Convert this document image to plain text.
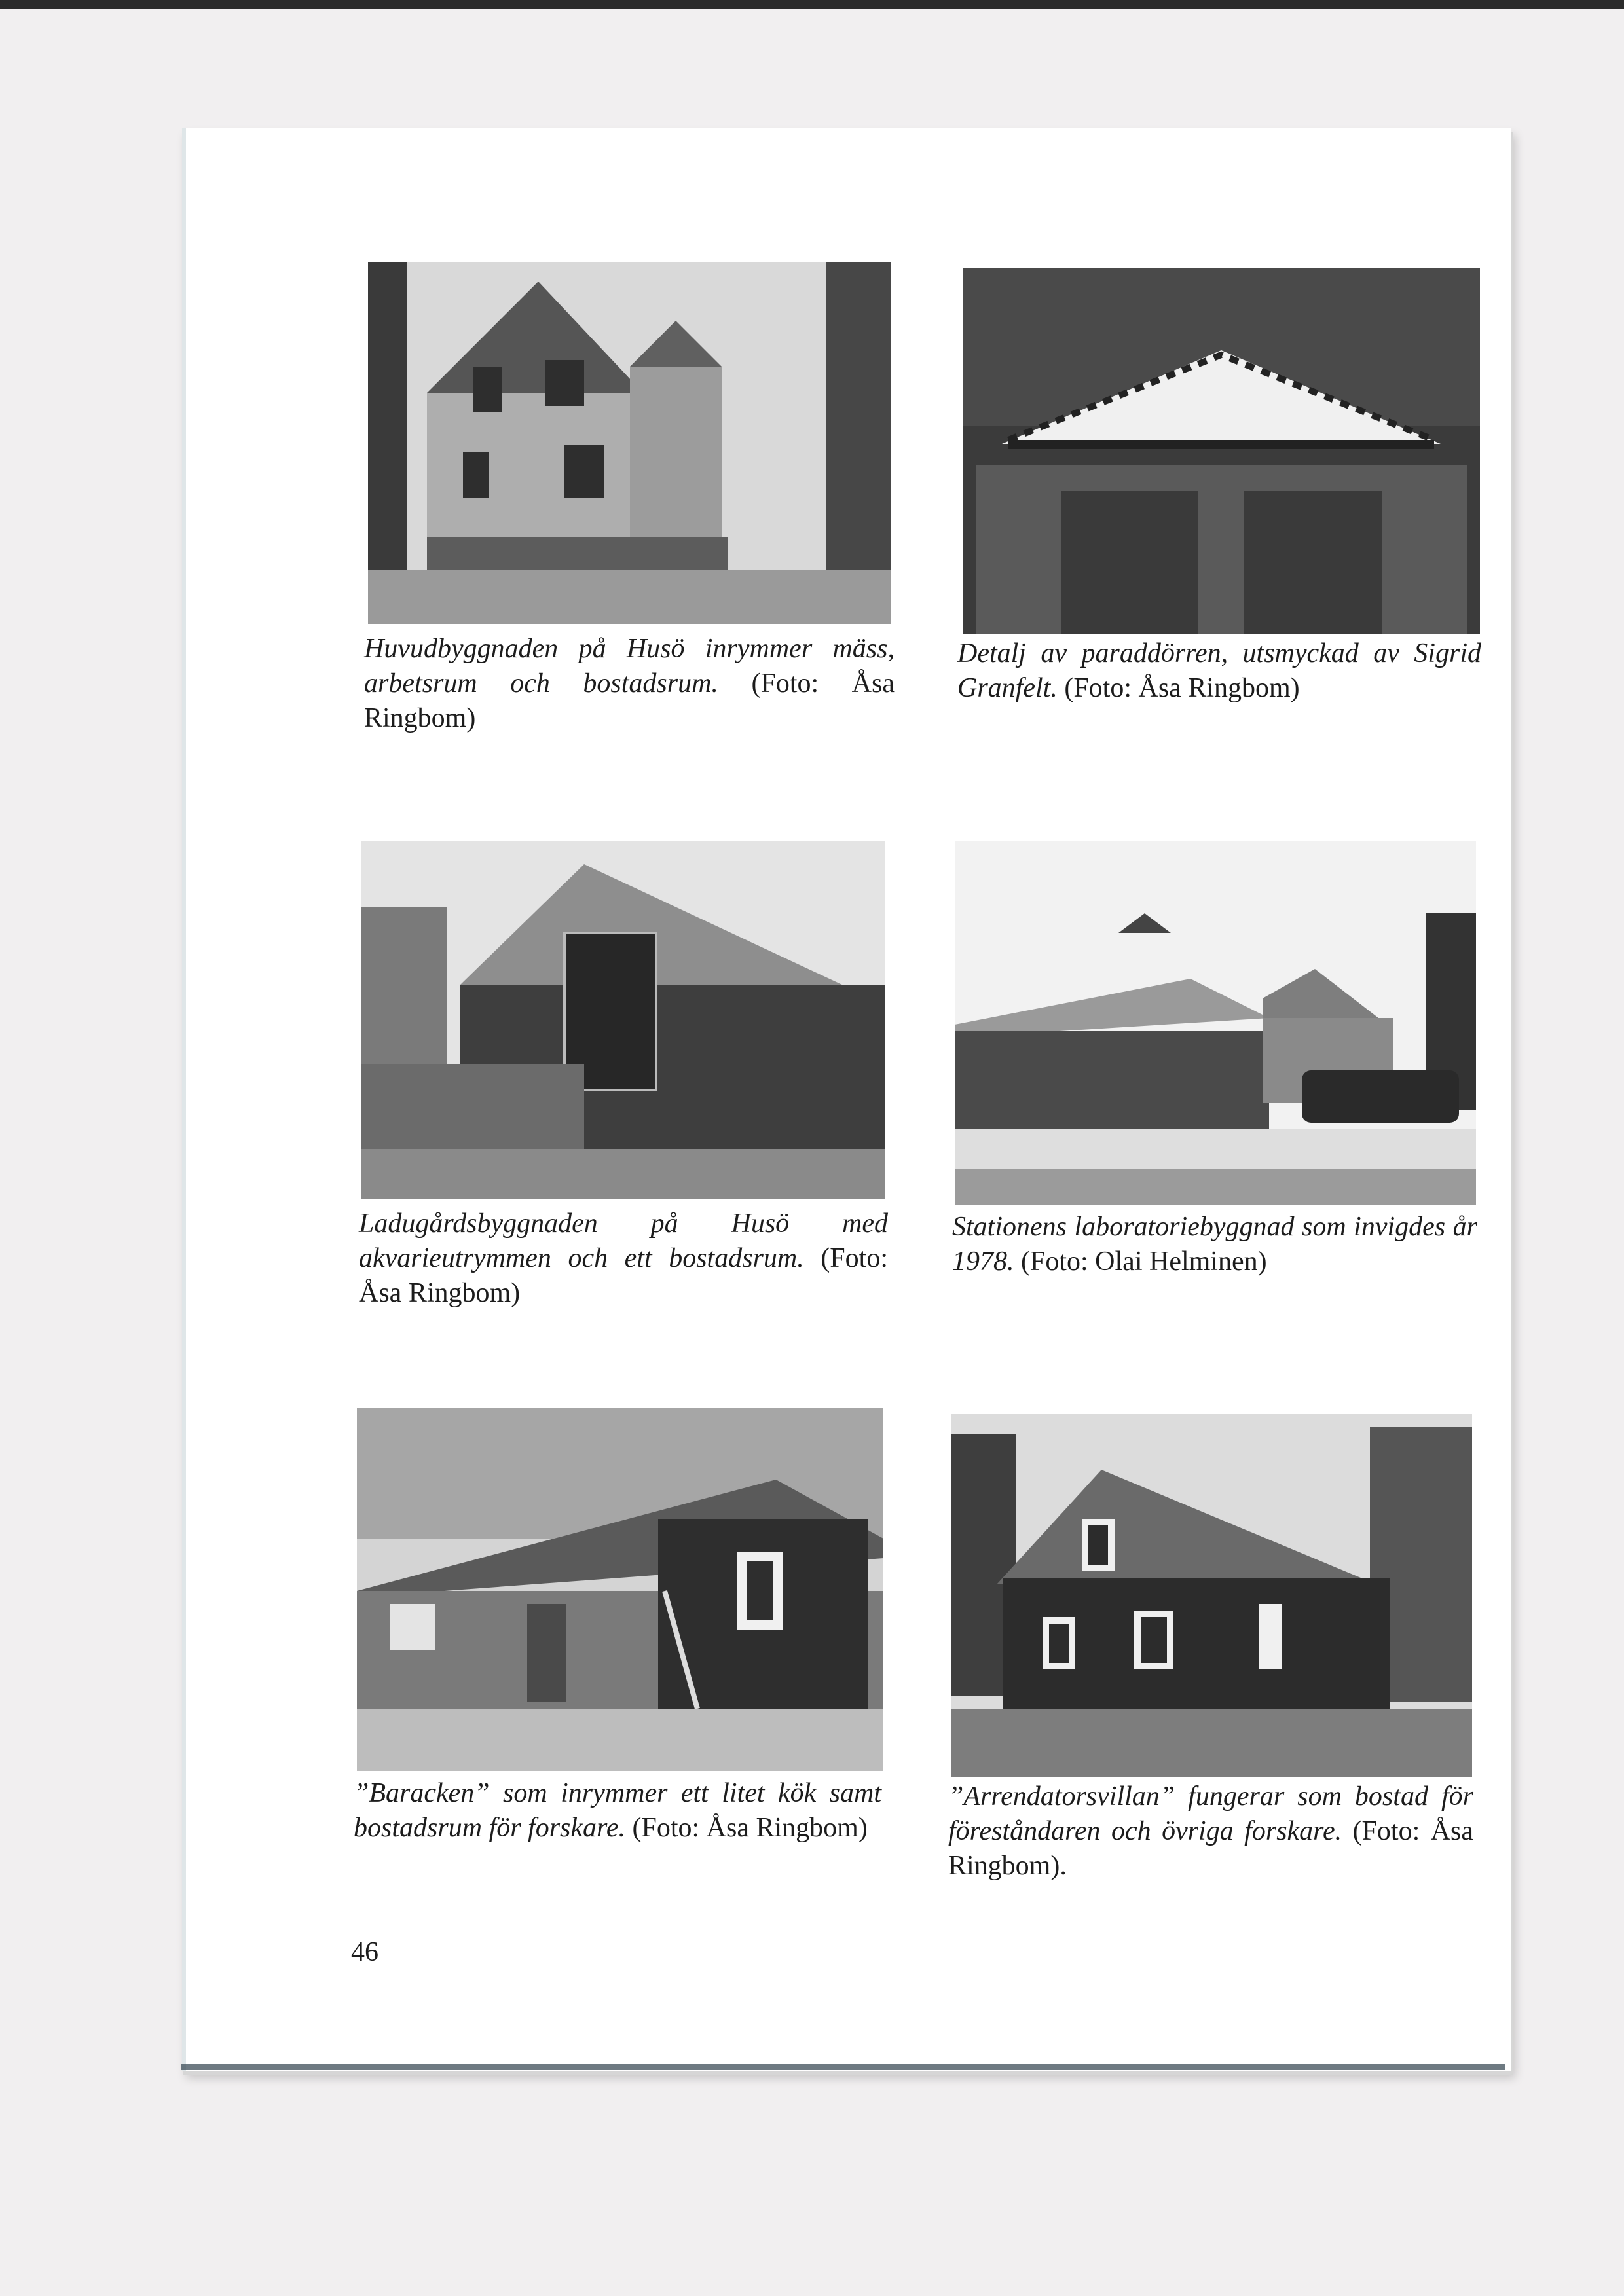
Huvudbyggnaden på Husö inrymmer mäss, arbetsrum och bostadsrum. (Foto: Åsa Ringbom)
Detalj av paraddörren, utsmyckad av Sigrid Granfelt. (Foto: Åsa Ringbom)
Ladugårdsbyggnaden på Husö med akvarieutrymmen och ett bostadsrum. (Foto: Åsa Ringbom)
Stationens laboratoriebyggnad som invigdes år 1978. (Foto: Olai Helminen)
”Baracken” som inrymmer ett litet kök samt bostadsrum för forskare. (Foto: Åsa Ringbom)
”Arrendatorsvillan” fungerar som bostad för föreståndaren och övriga forskare. (Foto: Åsa Ringbom).
46
